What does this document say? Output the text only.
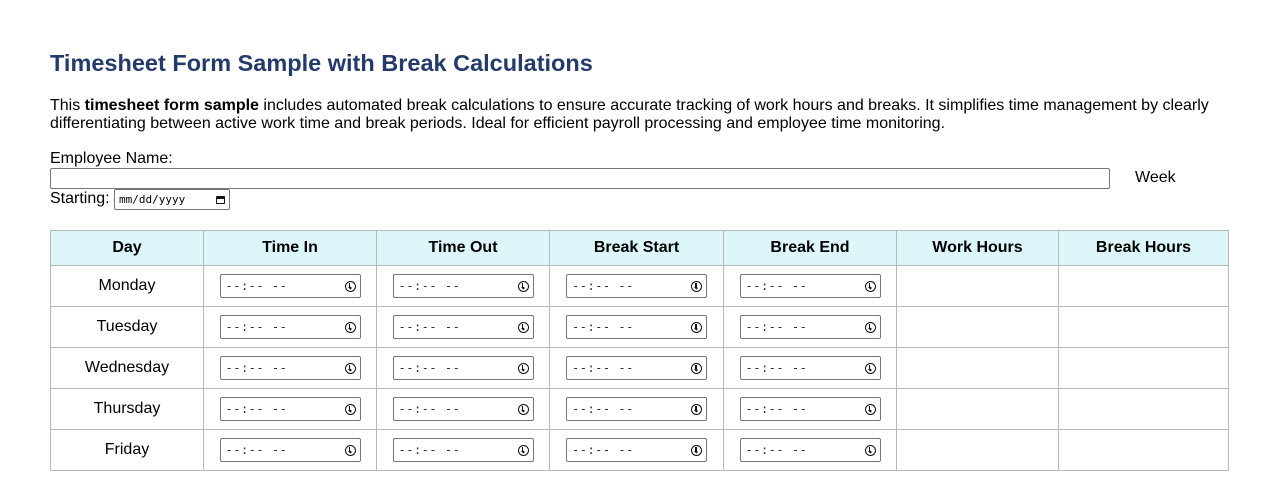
Timesheet Form Sample with Break Calculations

This timesheet form sample includes automated break calculations to ensure accurate tracking of work hours and breaks. It simplifies time management by clearly differentiating between active work time and break periods. Ideal for efficient payroll processing and employee time monitoring.

Employee Name:
Week
Starting: mm/dd/yyyy
Day	Time In	Time Out	Break Start	Break End	Work Hours	Break Hours
Monday	--:-- --	--:-- --	--:-- --	--:-- --		

Tuesday	--:-- --	--:-- --	--:-- --	--:-- --		

Wednesday	--:-- --	--:-- --	--:-- --	--:-- --		

Thursday	--:-- --	--:-- --	--:-- --	--:-- --		

Friday	--:-- --	--:-- --	--:-- --	--:-- --		
